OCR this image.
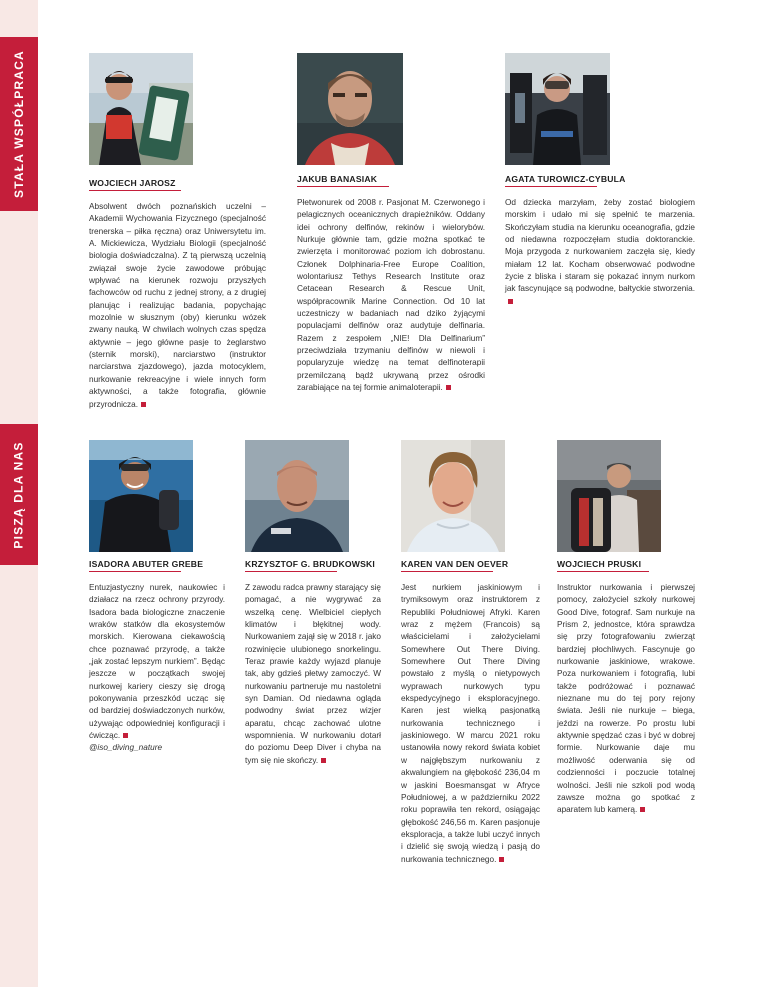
STAŁA WSPÓŁPRACA
PISZĄ DLA NAS
WOJCIECH JAROSZ

Absolwent dwóch poznańskich uczelni – Akademii Wychowania Fizycznego (specjalność trenerska – piłka ręczna) oraz Uniwersytetu im. A. Mickiewicza, Wydziału Biologii (specjalność biologia doświadczalna). Z tą pierwszą uczelnią związał swoje życie zawodowe próbując wpływać na kierunek rozwoju przyszłych fachowców od ruchu z jednej strony, a z drugiej planując i realizując badania, popychając mozolnie w słusznym (oby) kierunku wózek zwany nauką. W chwilach wolnych czas spędza aktywnie – jego główne pasje to żeglarstwo (sternik morski), narciarstwo (instruktor narciarstwa zjazdowego), jazda motocyklem, nurkowanie rekreacyjne i wiele innych form aktywności, a także fotografia, głównie przyrodnicza.

JAKUB BANASIAK

Płetwonurek od 2008 r. Pasjonat M. Czerwonego i pelagicznych oceanicznych drapieżników. Oddany idei ochrony delfinów, rekinów i wielorybów. Nurkuje głównie tam, gdzie można spotkać te zwierzęta i monitorować poziom ich dobrostanu. Członek Dolphinaria-Free Europe Coalition, wolontariusz Tethys Research Institute oraz Cetacean Research & Rescue Unit, współpracownik Marine Connection. Od 10 lat uczestniczy w badaniach nad dziko żyjącymi populacjami delfinów oraz audytuje delfinaria. Razem z zespołem „NIE! Dla Delfinarium” przeciwdziała trzymaniu delfinów w niewoli i popularyzuje wiedzę na temat delfinoterapii przemilczaną bądź ukrywaną przez ośrodki zarabiające na tej formie animaloterapii.

AGATA TUROWICZ-CYBULA

Od dziecka marzyłam, żeby zostać biologiem morskim i udało mi się spełnić te marzenia. Skończyłam studia na kierunku oceanografia, gdzie od niedawna rozpoczęłam studia doktoranckie. Moja przygoda z nurkowaniem zaczęła się, kiedy miałam 12 lat. Kocham obserwować podwodne życie z bliska i staram się pokazać innym nurkom jak fascynujące są podwodne, bałtyckie stworzenia.

ISADORA ABUTER GREBE

Entuzjastyczny nurek, naukowiec i działacz na rzecz ochrony przyrody. Isadora bada biologiczne znaczenie wraków statków dla ekosystemów morskich. Kierowana ciekawością chce poznawać przyrodę, a także „jak zostać lepszym nurkiem”. Będąc jeszcze w początkach swojej nurkowej kariery cieszy się drogą pokonywania przeszkód ucząc się od bardziej doświadczonych nurków, używając odpowiedniej konfiguracji i ćwicząc.

@iso_diving_nature

KRZYSZTOF G. BRUDKOWSKI

Z zawodu radca prawny starający się pomagać, a nie wygrywać za wszelką cenę. Wielbiciel ciepłych klimatów i błękitnej wody. Nurkowaniem zajął się w 2018 r. jako rozwinięcie ulubionego snorkelingu. Teraz prawie każdy wyjazd planuje tak, aby gdzieś płetwy zamoczyć. W nurkowaniu partneruje mu nastoletni syn Damian. Od niedawna ogląda podwodny świat przez wizjer aparatu, chcąc zachować ulotne wspomnienia. W nurkowaniu dotarł do poziomu Deep Diver i chyba na tym się nie skończy.

KAREN VAN DEN OEVER

Jest nurkiem jaskiniowym i trymiksowym oraz instruktorem z Republiki Południowej Afryki. Karen wraz z mężem (Francois) są właścicielami i założycielami Somewhere Out There Diving. Somewhere Out There Diving powstało z myślą o nietypowych wyprawach nurkowych typu ekspedycyjnego i eksploracyjnego. Karen jest wielką pasjonatką nurkowania technicznego i jaskiniowego. W marcu 2021 roku ustanowiła nowy rekord świata kobiet w najgłębszym nurkowaniu z akwalungiem na głębokość 236,04 m w jaskini Boesmansgat w Afryce Południowej, a w październiku 2022 roku poprawiła ten rekord, osiągając głębokość 246,56 m. Karen pasjonuje eksploracja, a także lubi uczyć innych i dzielić się swoją wiedzą i pasją do nurkowania technicznego.

WOJCIECH PRUSKI

Instruktor nurkowania i pierwszej pomocy, założyciel szkoły nurkowej Good Dive, fotograf. Sam nurkuje na Prism 2, jednostce, która sprawdza się przy fotografowaniu zwierząt bardziej płochliwych. Fascynuje go nurkowanie jaskiniowe, wrakowe. Poza nurkowaniem i fotografią, lubi także podróżować i poznawać nieznane mu do tej pory rejony świata. Jeśli nie nurkuje – biega, jeździ na rowerze. Po prostu lubi aktywnie spędzać czas i być w dobrej formie. Nurkowanie daje mu możliwość oderwania się od codzienności i poczucie totalnej wolności. Jeśli nie szkoli pod wodą zawsze można go spotkać z aparatem lub kamerą.
